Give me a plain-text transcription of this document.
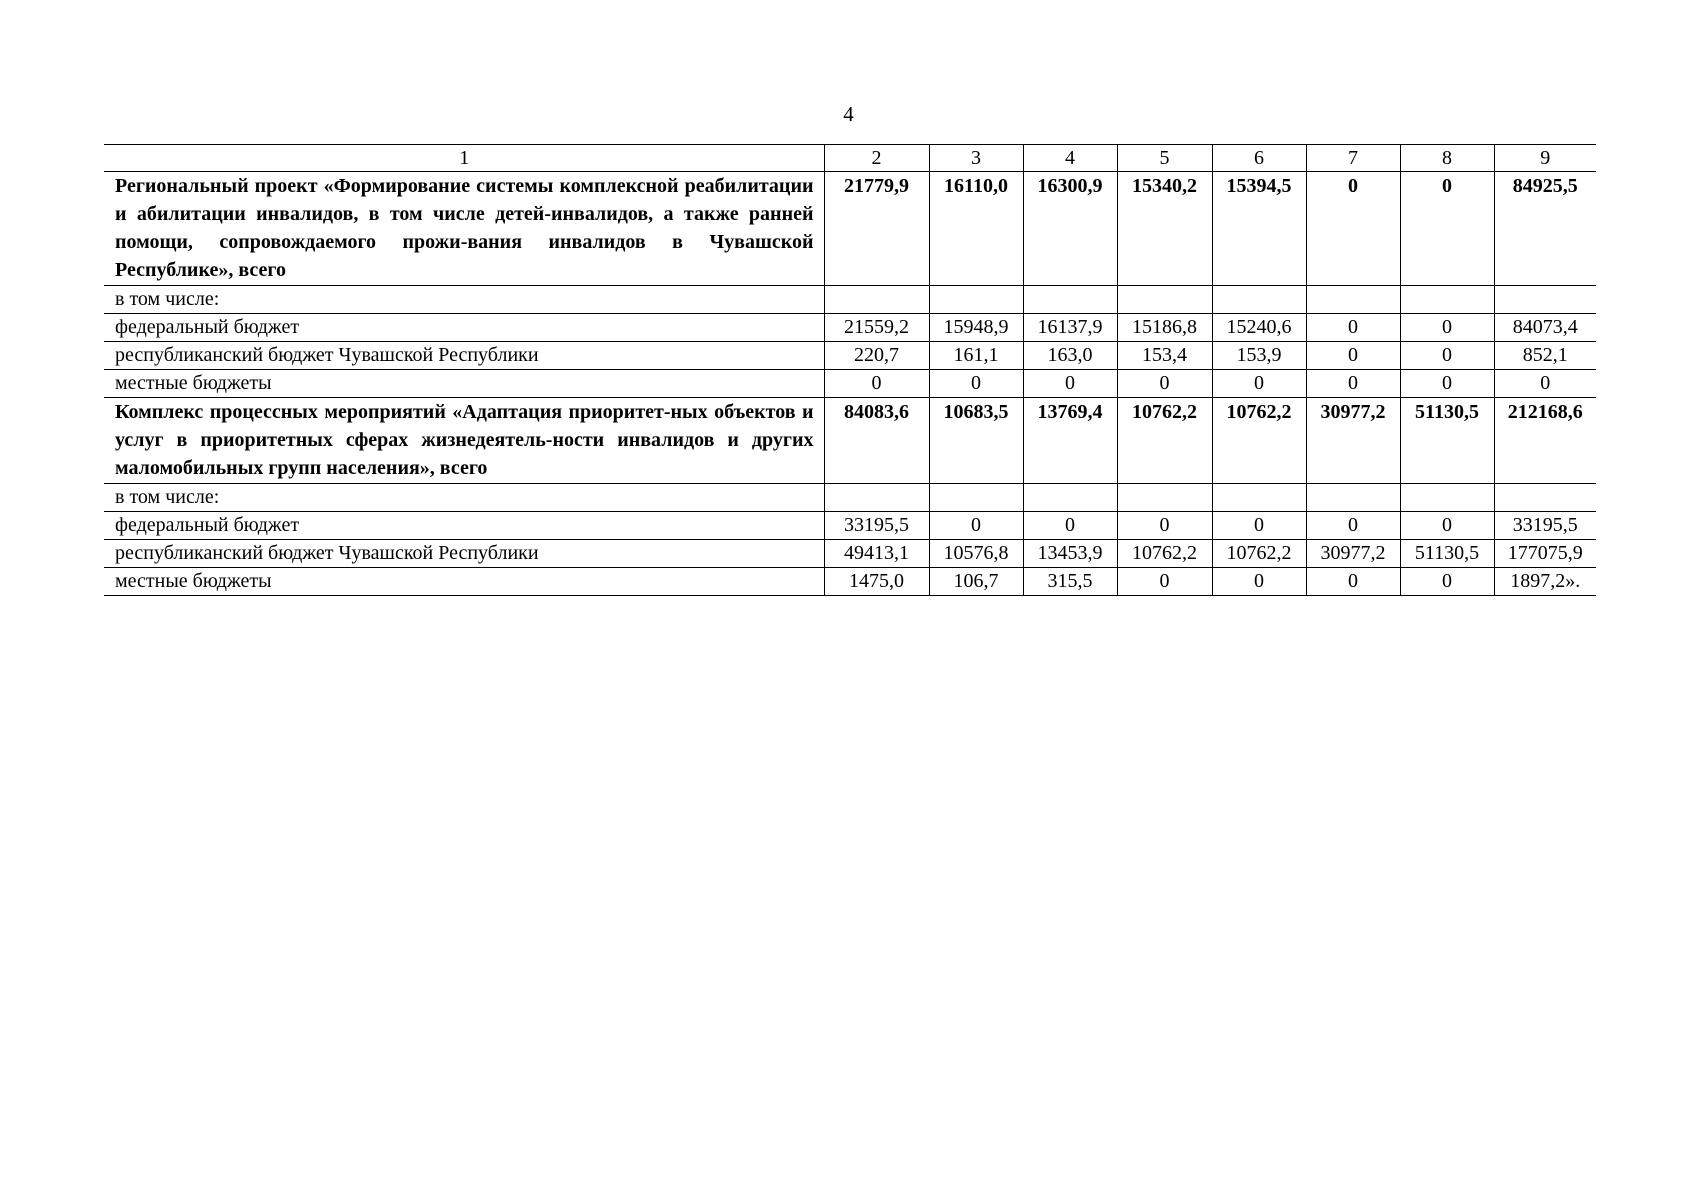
4
1	2	3	4	5	6	7	8	9
Региональный проект «Формирование системы комплексной реабилитации и абилитации инвалидов, в том числе детей-инвалидов, а также ранней помощи, сопровождаемого прожи-вания инвалидов в Чувашской Республике», всего	21779,9	16110,0	16300,9	15340,2	15394,5	0	0	84925,5
в том числе:								
федеральный бюджет	21559,2	15948,9	16137,9	15186,8	15240,6	0	0	84073,4
республиканский бюджет Чувашской Республики	220,7	161,1	163,0	153,4	153,9	0	0	852,1
местные бюджеты	0	0	0	0	0	0	0	0
Комплекс процессных мероприятий «Адаптация приоритет-ных объектов и услуг в приоритетных сферах жизнедеятель-ности инвалидов и других маломобильных групп населения», всего	84083,6	10683,5	13769,4	10762,2	10762,2	30977,2	51130,5	212168,6
в том числе:								
федеральный бюджет	33195,5	0	0	0	0	0	0	33195,5
республиканский бюджет Чувашской Республики	49413,1	10576,8	13453,9	10762,2	10762,2	30977,2	51130,5	177075,9
местные бюджеты	1475,0	106,7	315,5	0	0	0	0	1897,2».
